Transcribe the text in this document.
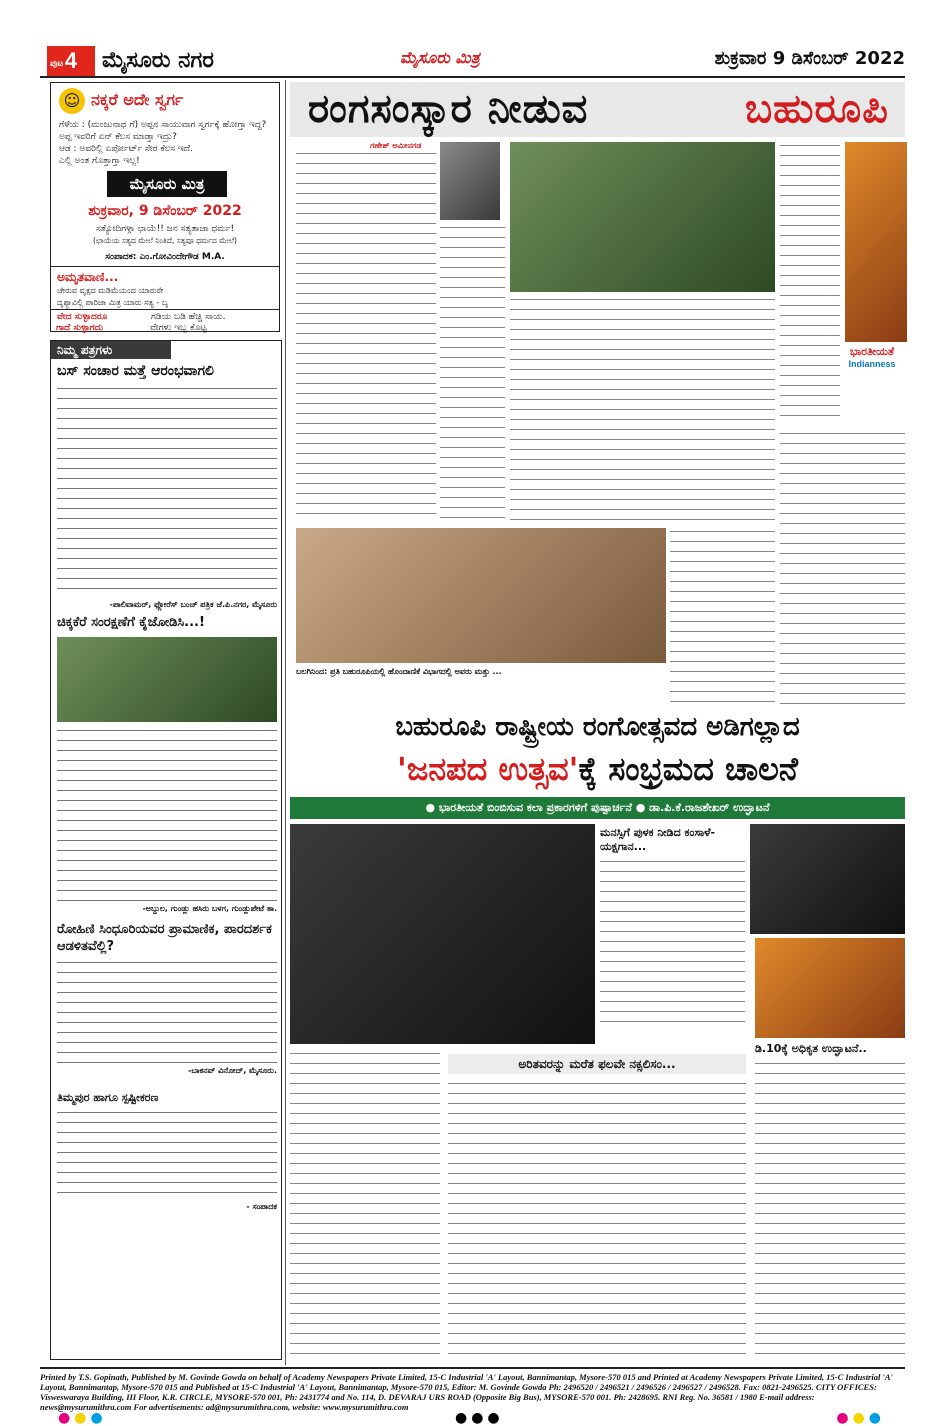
ಪುಟ 4	ಮೈಸೂರು ನಗರ	ಮೈಸೂರು ಮಿತ್ರ	ಶುಕ್ರವಾರ 9 ಡಿಸೆಂಬರ್ 2022
☺ ನಕ್ಕರೆ ಅದೇ ಸ್ವರ್ಗ
ಗೆಳೆಯ : (ಮಂಜುನಾಥ ಗೆ) ಅಪ್ಪನ ಸಾಯುವಾಗ ಸ್ವರ್ಗಕ್ಕೆ ಹೋಗ್ತಾ ಇದ್ದ?
ಅಪ್ಪ ಇವರಿಗೆ ಏನ್ ಕೆಲಸ ಮಾಡ್ತಾ ಇದ್ರು?
ಆಡ : ಅವರಿಲ್ಲಿ ಏರ್ಪೋರ್ಟ್ ಸೇರ ಕೆಲಸ ಇದೆ.
ಎಲ್ಲಿ ಅಂತ ಗೊತ್ತಾಗ್ತಾ ಇಲ್ಲ!
ಮೈಸೂರು ಮಿತ್ರ
ಶುಕ್ರವಾರ, 9 ಡಿಸೆಂಬರ್ 2022
ಸತ್ಯೋದಿಗಳ್ಗಾ ಛಾಯೆ!! ಜನ ಸತ್ಯತಾಜಾ ಧರ್ಮ!
(ಛಾಯೆಯ ಸತ್ಯದ ಮೇಲೆ ನಿಂತಿದೆ, ಸತ್ಯವೂ ಧರ್ಮದ ಮೇಲೆ)
ಸಂಪಾದಕ: ಎಂ.ಗೋವಿಂದೇಗೌಡ M.A.
ಅಮೃತವಾಣಿ...
ಚೇರುವ ವೃಕ್ಷದ ಮಡಿಮೆಯಂದ ಯಾರುರೇ
ದೃಶ್ಯಾವಿಲ್ಲಿ ಪಾರಿಜಾ ಮಿತ್ರ ಯಾರು ಸತ್ಯ - ಬೃ
ವೇದ ಸುಳ್ಳಾದರೂ	ಗಡಿಯ ಬಡಿ ಹೆಚ್ಚಿ ಸಾಯ.
ಗಾದೆ ಸುಳ್ಳಾಗದು	ವೇಗಳು ಇಬ್ಬ ಕೊಟ್ಟ
ನಿಮ್ಮ ಪತ್ರಗಳು
ಬಸ್ ಸಂಚಾರ ಮತ್ತೆ ಆರಂಭವಾಗಲಿ
-ಪಾಲಿವಾಮರ್, ಫ್ಲೋರೆಸ್ ಬಂಚ್ ಪತ್ರಿಕ ಜೆ.ಪಿ.ನಗರ, ಮೈಸೂರು
ಚಿಕ್ಕಕೆರೆ ಸಂರಕ್ಷಣೆಗೆ ಕೈಜೋಡಿಸಿ...!
-ಅಬ್ದುಲ, ಗುಂಡ್ಲು ಹಸಿರು ಬಳಗ, ಗುಂಡ್ಲುಪೇಟೆ ತಾ.
ರೋಹಿಣಿ ಸಿಂಧೂರಿಯವರ ಪ್ರಾಮಾಣಿಕ, ಪಾರದರ್ಶಕ ಆಡಳಿತವೆಲ್ಲಿ?
-ಬಾಕನವ್ ವಿನೋದ್, ಮೈಸೂರು.
ತಿಮ್ಮಪುರ ಹಾಗೂ ಸ್ಪಷ್ಟೀಕರಣ
- ಸಂಪಾದಕ
ರಂಗಸಂಸ್ಕಾರ ನೀಡುವ	ಬಹುರೂಪಿ
ಗಣೇಶ್ ಅಮೀನಗಡ
ಭಾರತೀಯತೆ
Indianness
ಬಲಗಿನಿಂದ: ಪ್ರತಿ ಬಹುರೂಪಿಯಲ್ಲಿ ಹೊಂದಾಣಿಕೆ ವಿಭಾಗದಲ್ಲಿ ಅವರು ಮತ್ತು ...
ಬಹುರೂಪಿ ರಾಷ್ಟ್ರೀಯ ರಂಗೋತ್ಸವದ ಅಡಿಗಲ್ಲಾದ
'ಜನಪದ ಉತ್ಸವ'ಕ್ಕೆ ಸಂಭ್ರಮದ ಚಾಲನೆ
● ಭಾರತೀಯತೆ ಬಿಂಬಿಸುವ ಕಲಾ ಪ್ರಕಾರಗಳಿಗೆ ಪುಷ್ಪಾರ್ಚನೆ ● ಡಾ.ಪಿ.ಕೆ.ರಾಜಶೇಖರ್ ಉದ್ಘಾಟನೆ
ಮನಸ್ಸಿಗೆ ಪುಳಕ ನೀಡಿದ ಕಂಸಾಳೆ-ಯಕ್ಷಗಾನ...
ಅರಿತವರನ್ನು ಮರೆತ ಫಲವೇ ನಕ್ಸಲಿಸಂ...
ಡಿ.10ಕ್ಕೆ ಅಧಿಕೃತ ಉದ್ಘಾಟನೆ..
Printed by T.S. Gopinath, Published by M. Govinde Gowda on behalf of Academy Newspapers Private Limited, 15-C Industrial 'A' Layout, Bannimantap, Mysore-570 015 and Printed at Academy Newspapers Private Limited, 15-C Industrial 'A' Layout, Bannimantap, Mysore-570 015 and Published at 15-C Industrial 'A' Layout, Bannimantap, Mysore-570 015, Editor: M. Govinde Gowda Ph: 2496520 / 2496521 / 2496526 / 2496527 / 2496528. Fax: 0821-2496525. CITY OFFICES: Visweswaraya Building, III Floor, K.R. CIRCLE, MYSORE-570 001, Ph: 2431774 and No. 114, D. DEVARAJ URS ROAD (Opposite Big Bus), MYSORE-570 001. Ph: 2428695. RNI Reg. No. 36581 / 1980 E-mail address: news@mysurumithra.com For advertisements: ad@mysurumithra.com, website: www.mysurumithra.com
●●●	●●●	●●●
